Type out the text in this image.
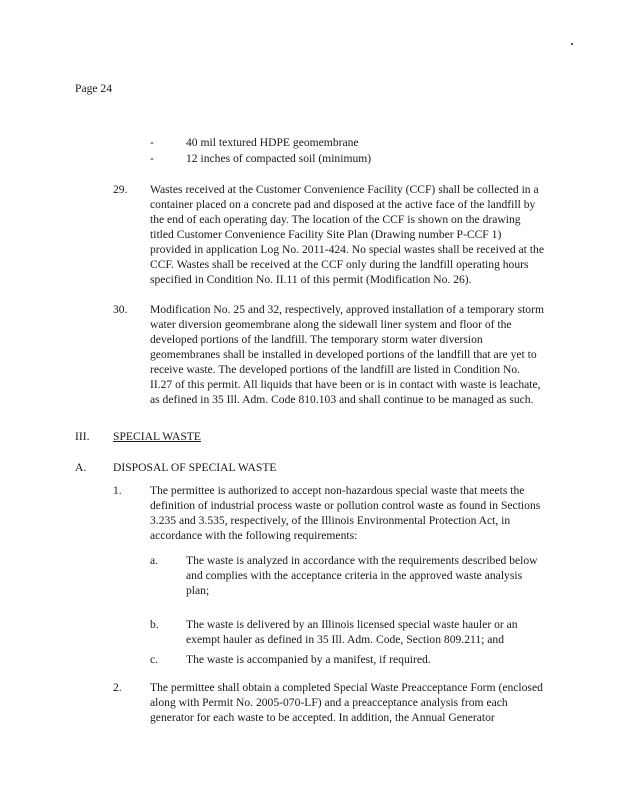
Page 24
-	40 mil textured HDPE geomembrane
-	12 inches of compacted soil (minimum)
29. Wastes received at the Customer Convenience Facility (CCF) shall be collected in a container placed on a concrete pad and disposed at the active face of the landfill by the end of each operating day. The location of the CCF is shown on the drawing titled Customer Convenience Facility Site Plan (Drawing number P-CCF 1) provided in application Log No. 2011-424. No special wastes shall be received at the CCF. Wastes shall be received at the CCF only during the landfill operating hours specified in Condition No. II.11 of this permit (Modification No. 26).
30. Modification No. 25 and 32, respectively, approved installation of a temporary storm water diversion geomembrane along the sidewall liner system and floor of the developed portions of the landfill. The temporary storm water diversion geomembranes shall be installed in developed portions of the landfill that are yet to receive waste. The developed portions of the landfill are listed in Condition No. II.27 of this permit. All liquids that have been or is in contact with waste is leachate, as defined in 35 Ill. Adm. Code 810.103 and shall continue to be managed as such.
III. SPECIAL WASTE
A. DISPOSAL OF SPECIAL WASTE
1. The permittee is authorized to accept non-hazardous special waste that meets the definition of industrial process waste or pollution control waste as found in Sections 3.235 and 3.535, respectively, of the Illinois Environmental Protection Act, in accordance with the following requirements:
a. The waste is analyzed in accordance with the requirements described below and complies with the acceptance criteria in the approved waste analysis plan;
b. The waste is delivered by an Illinois licensed special waste hauler or an exempt hauler as defined in 35 Ill. Adm. Code, Section 809.211; and
c. The waste is accompanied by a manifest, if required.
2. The permittee shall obtain a completed Special Waste Preacceptance Form (enclosed along with Permit No. 2005-070-LF) and a preacceptance analysis from each generator for each waste to be accepted. In addition, the Annual Generator
